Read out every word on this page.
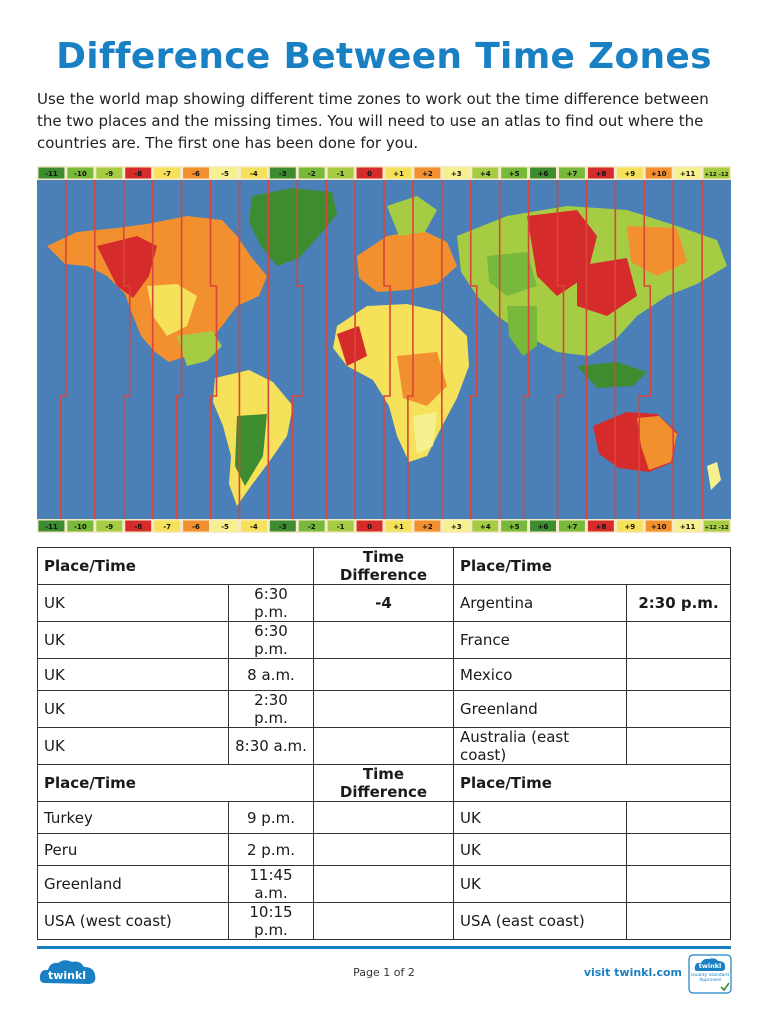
Difference Between Time Zones
Use the world map showing different time zones to work out the time difference between the two places and the missing times. You will need to use an atlas to find out where the countries are. The first one has been done for you.
-11 -10	-9	-8	-7	-6	-5	-4	-3	-2	-1	0	+1	+2	+3	+4	+5	+6	+7	+8	+9 +10 +11 +12 -12
-11 -10	-9	-8	-7	-6	-5	-4	-3	-2	-1	0	+1	+2	+3	+4	+5	+6	+7	+8	+9 +10 +11 +12 -12
Place/Time		Time Difference	Place/Time	
UK	6:30 p.m.	-4	Argentina	2:30 p.m.
UK	6:30 p.m.		France	
UK	8 a.m.		Mexico	
UK	2:30 p.m.		Greenland	
UK	8:30 a.m.		Australia (east coast)	
Place/Time		Time Difference	Place/Time	
Turkey	9 p.m.		UK	
Peru	2 p.m.		UK	
Greenland	11:45 a.m.		UK	
USA (west coast)	10:15 p.m.		USA (east coast)	
twinkl	Page 1 of 2	visit twinkl.com	twinkl
Quality Standard Approved
